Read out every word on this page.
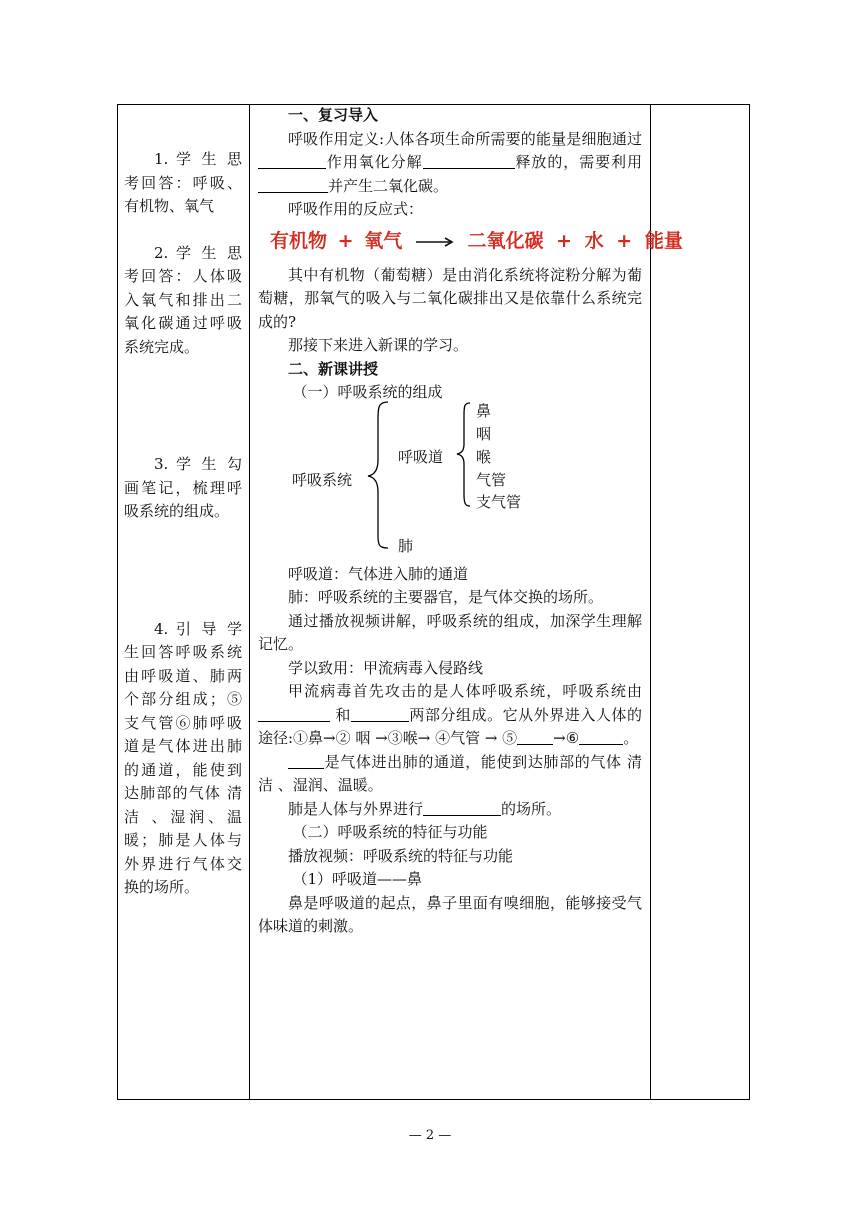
1. 学 生 思考回答：呼吸、有机物、氧气

2. 学 生 思考回答：人体吸入氧气和排出二氧化碳通过呼吸系统完成。

3. 学 生 勾画笔记，梳理呼吸系统的组成。

4. 引 导 学生回答呼吸系统由呼吸道、肺两个部分组成；⑤支气管⑥肺呼吸道是气体进出肺的通道，能使到达肺部的气体 清洁 、湿润、温暖；肺是人体与外界进行气体交换的场所。

一、复习导入

呼吸作用定义:人体各项生命所需要的能量是细胞通过作用氧化分解	释放的，需要利用并产生二氧化碳。

呼吸作用的反应式：

其中有机物（葡萄糖）是由消化系统将淀粉分解为葡萄糖，那氧气的吸入与二氧化碳排出又是依靠什么系统完成的?

那接下来进入新课的学习。

二、新课讲授

（一）呼吸系统的组成

呼吸道：气体进入肺的通道

肺：呼吸系统的主要器官，是气体交换的场所。

通过播放视频讲解，呼吸系统的组成，加深学生理解记忆。

学以致用：甲流病毒入侵路线

甲流病毒首先攻击的是人体呼吸系统，呼吸系统由  和	两部分组成。它从外界进入人体的途径:①鼻→② 咽 →③喉→ ④气管 → ⑤ →⑥	。

是气体进出肺的通道，能使到达肺部的气体 清洁 、湿润、温暖。

肺是人体与外界进行	的场所。

（二）呼吸系统的特征与功能

播放视频：呼吸系统的特征与功能

（1）呼吸道——鼻

鼻是呼吸道的起点，鼻子里面有嗅细胞，能够接受气体味道的刺激。

有机物 + 氧气 → 二氧化碳 + 水 + 能量
呼吸系统
呼吸道
鼻
咽
喉
气管
支气管
肺
— 2 —
